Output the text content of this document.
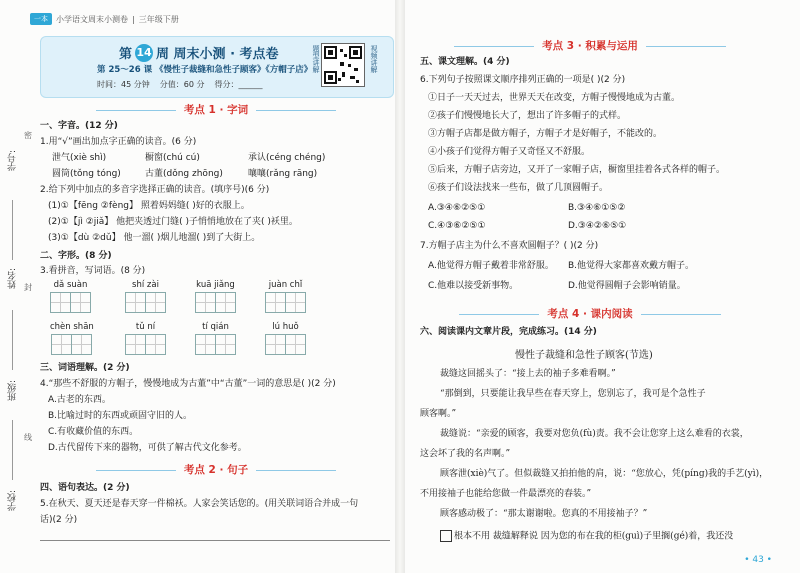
一本	小学语文周末小测卷 | 三年级下册
学校:
班级:
姓名:
学号:
密
封
线
第 14 周 周末小测 · 考点卷
第 25～26 课 《慢性子裁缝和急性子顾客》《方帽子店》
时间：45 分钟 分值：60 分 得分：______
题型讲解	视频讲解
考点 1 · 字词
一、字音。(12 分)
1.用“√”画出加点字正确的读音。(6 分)
泄气(xiè shì)	橱窗(chú cú)	承认(céng chéng)
圆筒(tǒng tóng)	古董(dǒng zhōng)	嚷嚷(rǎng rāng)
2.给下列中加点的多音字选择正确的读音。(填序号)(6 分)
(1)①【fēng ②fèng】 照着妈妈缝( )好的衣服上。
(2)①【jì ②jiǎ】 他把夹透过门缝( )子悄悄地放在了夹( )袄里。
(3)①【dù ②dǔ】 他一溜( )烟儿地溜( )到了大街上。
二、字形。(8 分)
3.看拼音，写词语。(8 分)
dǎ suàn	shí zài	kuā jiǎng	juàn chǐ
chèn shān	tǔ ní	tí qián	lú huǒ
三、词语理解。(2 分)
4.“那些不舒服的方帽子，慢慢地成为古董”中“古董”一词的意思是( )(2 分)
A.古老的东西。
B.比喻过时的东西或顽固守旧的人。
C.有收藏价值的东西。
D.古代留传下来的器物，可供了解古代文化参考。
考点 2 · 句子
四、语句表达。(2 分)
5.在秋天、夏天还是春天穿一件棉袄。人家会笑话您的。(用关联词语合并成一句
话)(2 分)
考点 3 · 积累与运用
五、课文理解。(4 分)
6.下列句子按照课文顺序排列正确的一项是( )(2 分)
①日子一天天过去，世界天天在改变，方帽子慢慢地成为古董。
②孩子们慢慢地长大了，想出了许多帽子的式样。
③方帽子店都是做方帽子，方帽子才是好帽子，不能改的。
④小孩子们觉得方帽子又奇怪又不舒服。
⑤后来，方帽子店旁边，又开了一家帽子店，橱窗里挂着各式各样的帽子。
⑥孩子们设法找来一些布，做了几顶圆帽子。
A.③④⑥②⑤①	B.③④⑥①⑤②
C.④③⑥②⑤①	D.③④②⑥⑤①
7.方帽子店主为什么不喜欢圆帽子？( )(2 分)
A.他觉得方帽子戴着非常舒服。 B.他觉得大家都喜欢戴方帽子。
C.他难以接受新事物。	D.他觉得圆帽子会影响销量。
考点 4 · 课内阅读
六、阅读课内文章片段，完成练习。(14 分)
慢性子裁缝和急性子顾客(节选)
裁缝这回摇头了：“接上去的袖子多难看啊。”
“那倒到，只要能让我早些在春天穿上，您别忘了，我可是个急性子
顾客啊。”
裁缝说：“亲爱的顾客，我要对您负(fù)责。我不会让您穿上这么难看的衣裳，
这会坏了我的名声啊。”
顾客泄(xiè)气了。但似裁缝又拍拍他的肩，说：“您放心，凭(píng)我的手艺(yì)，
不用接袖子也能给您做一件最漂亮的春装。”
顾客感动极了：“那太谢谢啦。您真的不用接袖子？”
根本不用 裁缝解释说 因为您的布在我的柜(guì)子里搁(gé)着，我还没
• 43 •
